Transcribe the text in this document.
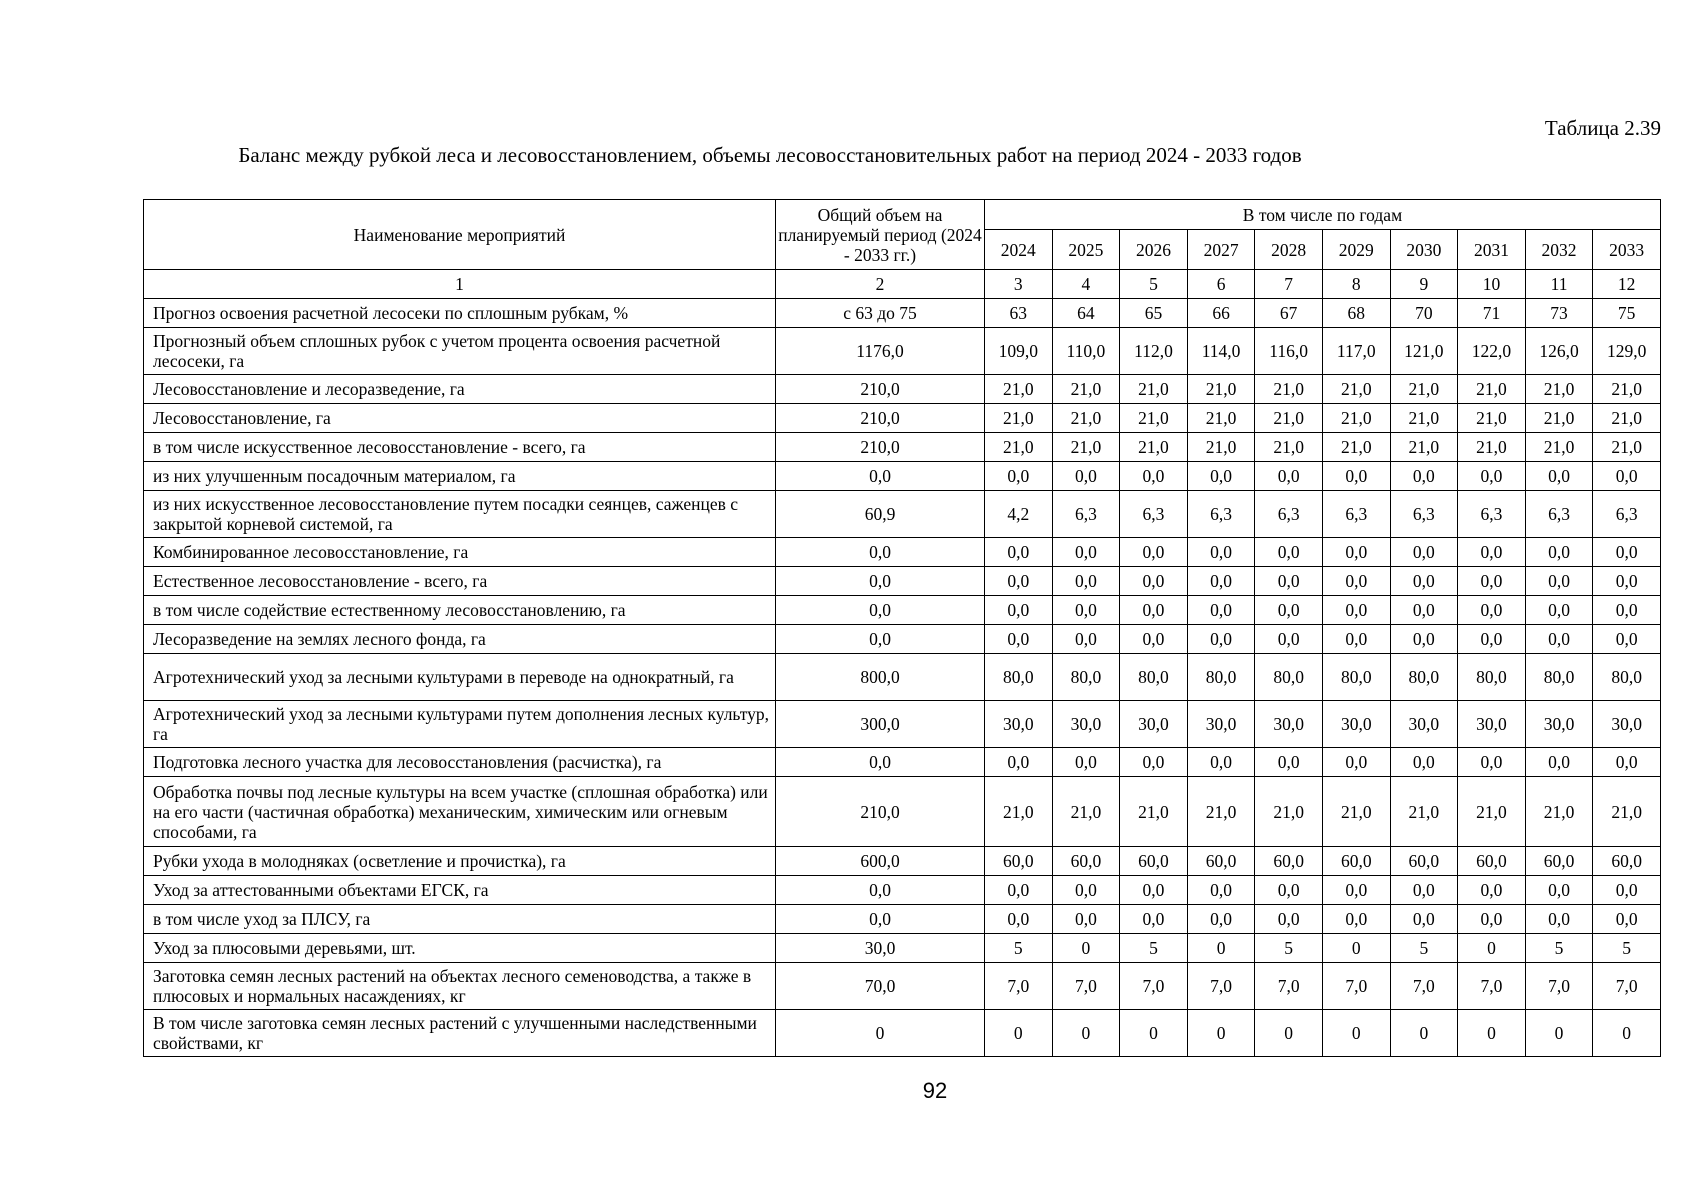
Таблица 2.39
Баланс между рубкой леса и лесовосстановлением, объемы лесовосстановительных работ на период 2024 - 2033 годов
Наименование мероприятий	Общий объем на планируемый период (2024 - 2033 гг.)	В том числе по годам									
		2024	2025	2026	2027	2028	2029	2030	2031	2032	2033
1	2	3	4	5	6	7	8	9	10	11	12
Прогноз освоения расчетной лесосеки по сплошным рубкам, %	с 63 до 75	63	64	65	66	67	68	70	71	73	75
Прогнозный объем сплошных рубок с учетом процента освоения расчетной лесосеки, га	1176,0	109,0	110,0	112,0	114,0	116,0	117,0	121,0	122,0	126,0	129,0
Лесовосстановление и лесоразведение, га	210,0	21,0	21,0	21,0	21,0	21,0	21,0	21,0	21,0	21,0	21,0
Лесовосстановление, га	210,0	21,0	21,0	21,0	21,0	21,0	21,0	21,0	21,0	21,0	21,0
в том числе искусственное лесовосстановление - всего, га	210,0	21,0	21,0	21,0	21,0	21,0	21,0	21,0	21,0	21,0	21,0
из них улучшенным посадочным материалом, га	0,0	0,0	0,0	0,0	0,0	0,0	0,0	0,0	0,0	0,0	0,0
из них искусственное лесовосстановление путем посадки сеянцев, саженцев с закрытой корневой системой, га	60,9	4,2	6,3	6,3	6,3	6,3	6,3	6,3	6,3	6,3	6,3
Комбинированное лесовосстановление, га	0,0	0,0	0,0	0,0	0,0	0,0	0,0	0,0	0,0	0,0	0,0
Естественное лесовосстановление - всего, га	0,0	0,0	0,0	0,0	0,0	0,0	0,0	0,0	0,0	0,0	0,0
в том числе содействие естественному лесовосстановлению, га	0,0	0,0	0,0	0,0	0,0	0,0	0,0	0,0	0,0	0,0	0,0
Лесоразведение на землях лесного фонда, га	0,0	0,0	0,0	0,0	0,0	0,0	0,0	0,0	0,0	0,0	0,0
Агротехнический уход за лесными культурами в переводе на однократный, га	800,0	80,0	80,0	80,0	80,0	80,0	80,0	80,0	80,0	80,0	80,0
Агротехнический уход за лесными культурами путем дополнения лесных культур, га	300,0	30,0	30,0	30,0	30,0	30,0	30,0	30,0	30,0	30,0	30,0
Подготовка лесного участка для лесовосстановления (расчистка), га	0,0	0,0	0,0	0,0	0,0	0,0	0,0	0,0	0,0	0,0	0,0
Обработка почвы под лесные культуры на всем участке (сплошная обработка) или на его части (частичная обработка) механическим, химическим или огневым способами, га	210,0	21,0	21,0	21,0	21,0	21,0	21,0	21,0	21,0	21,0	21,0
Рубки ухода в молодняках (осветление и прочистка), га	600,0	60,0	60,0	60,0	60,0	60,0	60,0	60,0	60,0	60,0	60,0
Уход за аттестованными объектами ЕГСК, га	0,0	0,0	0,0	0,0	0,0	0,0	0,0	0,0	0,0	0,0	0,0
в том числе уход за ПЛСУ, га	0,0	0,0	0,0	0,0	0,0	0,0	0,0	0,0	0,0	0,0	0,0
Уход за плюсовыми деревьями, шт.	30,0	5	0	5	0	5	0	5	0	5	5
Заготовка семян лесных растений на объектах лесного семеноводства, а также в плюсовых и нормальных насаждениях, кг	70,0	7,0	7,0	7,0	7,0	7,0	7,0	7,0	7,0	7,0	7,0
В том числе заготовка семян лесных растений с улучшенными наследственными свойствами, кг	0	0	0	0	0	0	0	0	0	0	0
92
